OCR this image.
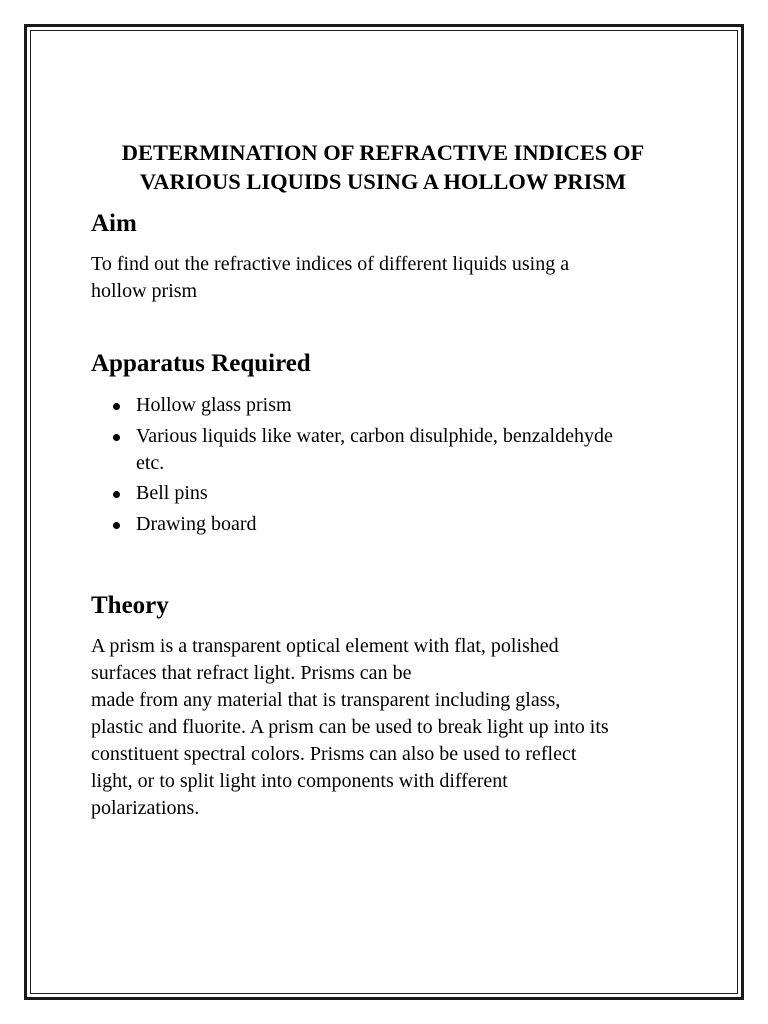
DETERMINATION OF REFRACTIVE INDICES OF
VARIOUS LIQUIDS USING A HOLLOW PRISM
Aim

To find out the refractive indices of different liquids using a
hollow prism

Apparatus Required
Hollow glass prism
Various liquids like water, carbon disulphide, benzaldehyde
etc.
Bell pins
Drawing board
Theory

A prism is a transparent optical element with flat, polished
surfaces that refract light. Prisms can be
made from any material that is transparent including glass,
plastic and fluorite. A prism can be used to break light up into its
constituent spectral colors. Prisms can also be used to reflect
light, or to split light into components with different
polarizations.
